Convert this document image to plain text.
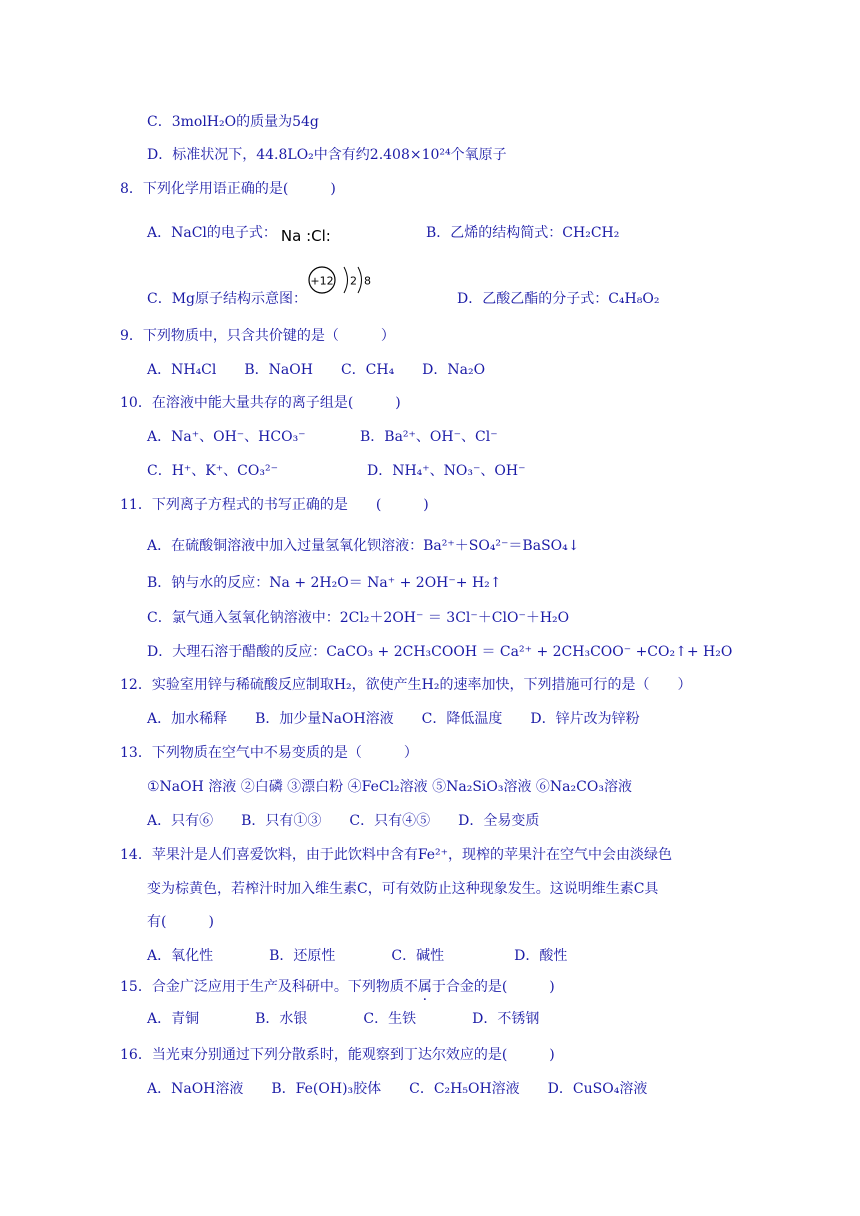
C．3molH₂O的质量为54g
D．标准状况下，44.8LO₂中含有约2.408×10²⁴个氧原子
8．下列化学用语正确的是(　　　)
A．NaCl的电子式： Na :Cl:	B．乙烯的结构简式：CH₂CH₂
C．Mg原子结构示意图：
+12 2 8
D．乙酸乙酯的分子式：C₄H₈O₂
9．下列物质中，只含共价键的是（　　　）
A．NH₄Cl　　B．NaOH　　C．CH₄　　D．Na₂O
10．在溶液中能大量共存的离子组是(　　　)
A．Na⁺、OH⁻、HCO₃⁻	B．Ba²⁺、OH⁻、Cl⁻
C．H⁺、K⁺、CO₃²⁻	D．NH₄⁺、NO₃⁻、OH⁻
11．下列离子方程式的书写正确的是　　(　　　)
A．在硫酸铜溶液中加入过量氢氧化钡溶液：Ba²⁺＋SO₄²⁻＝BaSO₄↓
B．钠与水的反应：Na + 2H₂O＝ Na⁺ + 2OH⁻+ H₂↑
C．氯气通入氢氧化钠溶液中：2Cl₂＋2OH⁻ ＝ 3Cl⁻＋ClO⁻＋H₂O
D．大理石溶于醋酸的反应：CaCO₃ + 2CH₃COOH ＝ Ca²⁺ + 2CH₃COO⁻ +CO₂↑+ H₂O
12．实验室用锌与稀硫酸反应制取H₂，欲使产生H₂的速率加快，下列措施可行的是（　　）
A．加水稀释　　B．加少量NaOH溶液　　C．降低温度　　D．锌片改为锌粉
13．下列物质在空气中不易变质的是（　　　）
①NaOH 溶液 ②白磷 ③漂白粉 ④FeCl₂溶液 ⑤Na₂SiO₃溶液 ⑥Na₂CO₃溶液
A．只有⑥　　B．只有①③　　C．只有④⑤　　D．全易变质
14．苹果汁是人们喜爱饮料，由于此饮料中含有Fe²⁺，现榨的苹果汁在空气中会由淡绿色
变为棕黄色，若榨汁时加入维生素C，可有效防止这种现象发生。这说明维生素C具
有(　　　)
A．氧化性　　　　B．还原性　　　　C．碱性　　　　　D．酸性
15．合金广泛应用于生产及科研中。下列物质不属于合金的是(　　　)
A．青铜　　　　B．水银　　　　C．生铁　　　　D．不锈钢
16．当光束分别通过下列分散系时，能观察到丁达尔效应的是(　　　)
A．NaOH溶液　　B．Fe(OH)₃胶体　　C．C₂H₅OH溶液　　D．CuSO₄溶液
